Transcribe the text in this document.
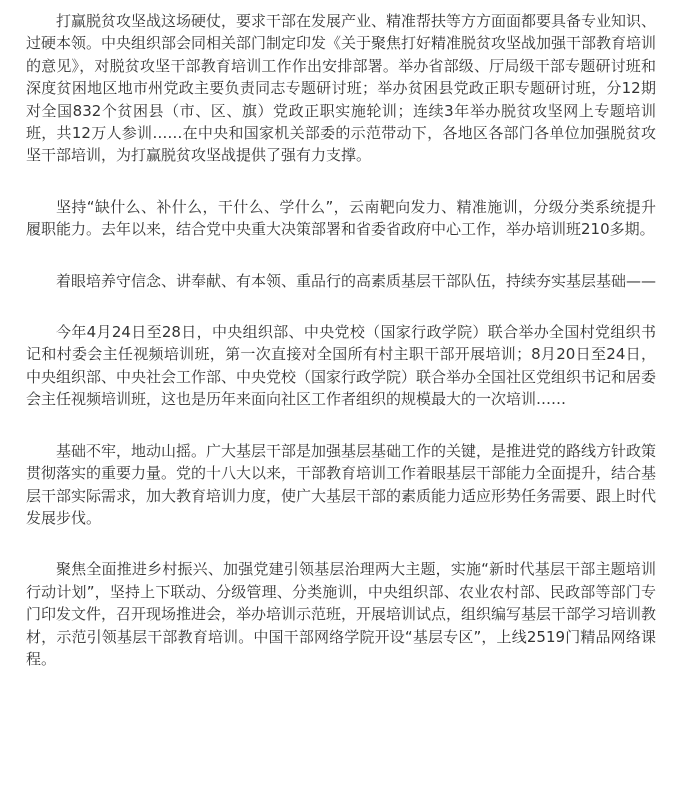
打赢脱贫攻坚战这场硬仗，要求干部在发展产业、精准帮扶等方方面面都要具备专业知识、过硬本领。中央组织部会同相关部门制定印发《关于聚焦打好精准脱贫攻坚战加强干部教育培训的意见》，对脱贫攻坚干部教育培训工作作出安排部署。举办省部级、厅局级干部专题研讨班和深度贫困地区地市州党政主要负责同志专题研讨班；举办贫困县党政正职专题研讨班，分12期对全国832个贫困县（市、区、旗）党政正职实施轮训；连续3年举办脱贫攻坚网上专题培训班，共12万人参训……在中央和国家机关部委的示范带动下，各地区各部门各单位加强脱贫攻坚干部培训，为打赢脱贫攻坚战提供了强有力支撑。

坚持“缺什么、补什么，干什么、学什么”，云南靶向发力、精准施训，分级分类系统提升履职能力。去年以来，结合党中央重大决策部署和省委省政府中心工作，举办培训班210多期。

着眼培养守信念、讲奉献、有本领、重品行的高素质基层干部队伍，持续夯实基层基础——

今年4月24日至28日，中央组织部、中央党校（国家行政学院）联合举办全国村党组织书记和村委会主任视频培训班，第一次直接对全国所有村主职干部开展培训；8月20日至24日，中央组织部、中央社会工作部、中央党校（国家行政学院）联合举办全国社区党组织书记和居委会主任视频培训班，这也是历年来面向社区工作者组织的规模最大的一次培训……

基础不牢，地动山摇。广大基层干部是加强基层基础工作的关键，是推进党的路线方针政策贯彻落实的重要力量。党的十八大以来，干部教育培训工作着眼基层干部能力全面提升，结合基层干部实际需求，加大教育培训力度，使广大基层干部的素质能力适应形势任务需要、跟上时代发展步伐。

聚焦全面推进乡村振兴、加强党建引领基层治理两大主题，实施“新时代基层干部主题培训行动计划”，坚持上下联动、分级管理、分类施训，中央组织部、农业农村部、民政部等部门专门印发文件，召开现场推进会，举办培训示范班，开展培训试点，组织编写基层干部学习培训教材，示范引领基层干部教育培训。中国干部网络学院开设“基层专区”，上线2519门精品网络课程。
